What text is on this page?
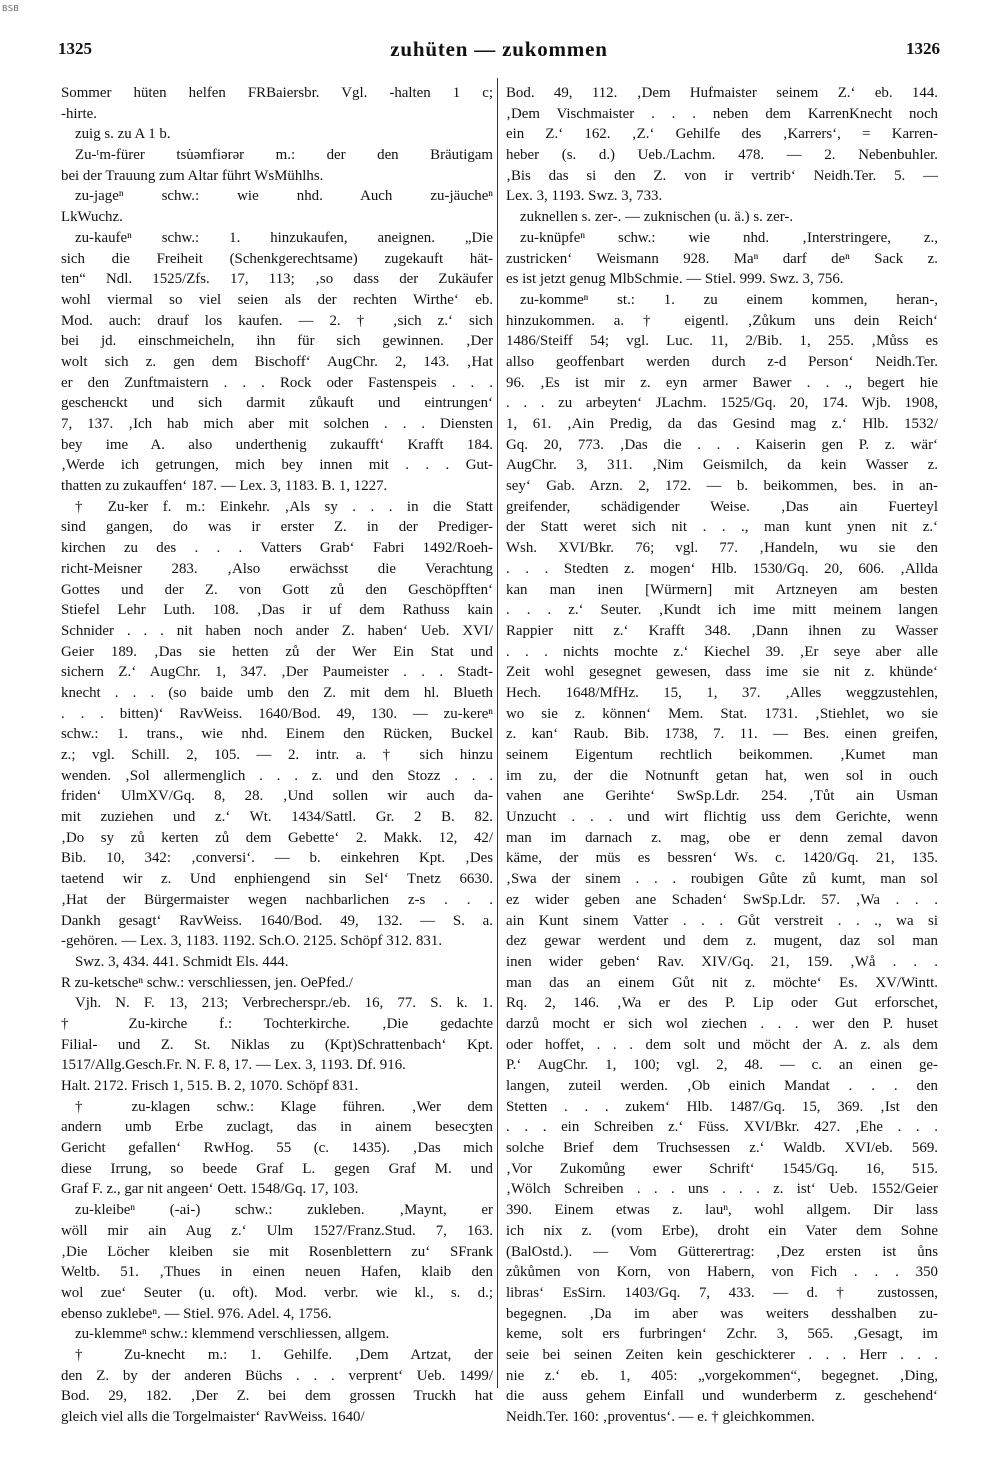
BSB
1325	zuhüten — zukommen	1326
Sommer hüten helfen FRBaiersbr. Vgl. -halten 1 c;
-hirte.
zuig s. zu A 1 b.
Zu-ᵗm-fürer tsu̇əmfiərər m.: der den Bräutigam
bei der Trauung zum Altar führt WsMühlhs.
zu-jageⁿ schw.: wie nhd. Auch zu-jäucheⁿ
LkWuchz.
zu-kaufeⁿ schw.: 1. hinzukaufen, aneignen. „Die
sich die Freiheit (Schenkgerechtsame) zugekauft hät-
ten“ Ndl. 1525/Zfs. 17, 113; ‚so dass der Zukäufer
wohl viermal so viel seien als der rechten Wirthe‘ eb.
Mod. auch: drauf los kaufen. — 2. † ‚sich z.‘ sich
bei jd. einschmeicheln, ihn für sich gewinnen. ‚Der
wolt sich z. gen dem Bischoff‘ AugChr. 2, 143. ‚Hat
er den Zunftmaistern . . . Rock oder Fastenspeis . . .
gescheнckt und sich darmit zůkauft und eintrungen‘
7, 137. ‚Ich hab mich aber mit solchen . . . Diensten
bey ime A. also underthenig zukaufft‘ Krafft 184.
‚Werde ich getrungen, mich bey innen mit . . . Gut-
thatten zu zukauffen‘ 187. — Lex. 3, 1183. B. 1, 1227.
† Zu-ker f. m.: Einkehr. ‚Als sy . . . in die Statt
sind gangen, do was ir erster Z. in der Prediger-
kirchen zu des . . . Vatters Grab‘ Fabri 1492/Roeh-
richt-Meisner 283. ‚Also erwächsst die Verachtung
Gottes und der Z. von Gott zů den Geschöpfften‘
Stiefel Lehr Luth. 108. ‚Das ir uf dem Rathuss kain
Schnider . . . nit haben noch ander Z. haben‘ Ueb. XVI/
Geier 189. ‚Das sie hetten zů der Wer Ein Stat und
sichern Z.‘ AugChr. 1, 347. ‚Der Paumeister . . . Stadt-
knecht . . . (so baide umb den Z. mit dem hl. Blueth
. . . bitten)‘ RavWeiss. 1640/Bod. 49, 130. — zu-kereⁿ
schw.: 1. trans., wie nhd. Einem den Rücken, Buckel
z.; vgl. Schill. 2, 105. — 2. intr. a. † sich hinzu
wenden. ‚Sol allermenglich . . . z. und den Stozz . . .
friden‘ UlmXV/Gq. 8, 28. ‚Und sollen wir auch da-
mit zuziehen und z.‘ Wt. 1434/Sattl. Gr. 2 B. 82.
‚Do sy zů kerten zů dem Gebette‘ 2. Makk. 12, 42/
Bib. 10, 342: ‚conversi‘. — b. einkehren Kpt. ‚Des
taetend wir z. Und enphiengend sin Sel‘ Tnetz 6630.
‚Hat der Bürgermaister wegen nachbarlichen z-s . . .
Dankh gesagt‘ RavWeiss. 1640/Bod. 49, 132. — S. a.
-gehören. — Lex. 3, 1183. 1192. Sch.O. 2125. Schöpf 312. 831.
Swz. 3, 434. 441. Schmidt Els. 444.
R zu-ketscheⁿ schw.: verschliessen, jen. OePfed./
Vjh. N. F. 13, 213; Verbrecherspr./eb. 16, 77. S. k. 1.
† Zu-kirche f.: Tochterkirche. ‚Die gedachte
Filial- und Z. St. Niklas zu (Kpt)Schrattenbach‘ Kpt.
1517/Allg.Gesch.Fr. N. F. 8, 17. — Lex. 3, 1193. Df. 916.
Halt. 2172. Frisch 1, 515. B. 2, 1070. Schöpf 831.
† zu-klagen schw.: Klage führen. ‚Wer dem
andern umb Erbe zuclagt, das in ainem besecʒten
Gericht gefallen‘ RwHog. 55 (c. 1435). ‚Das mich
diese Irrung, so beede Graf L. gegen Graf M. und
Graf F. z., gar nit angeen‘ Oett. 1548/Gq. 17, 103.
zu-kleibeⁿ (-ai-) schw.: zukleben. ‚Maynt, er
wöll mir ain Aug z.‘ Ulm 1527/Franz.Stud. 7, 163.
‚Die Löcher kleiben sie mit Rosenblettern zu‘ SFrank
Weltb. 51. ‚Thues in einen neuen Hafen, klaib den
wol zue‘ Seuter (u. oft). Mod. verbr. wie kl., s. d.;
ebenso zuklebeⁿ. — Stiel. 976. Adel. 4, 1756.
zu-klemmeⁿ schw.: klemmend verschliessen, allgem.
† Zu-knecht m.: 1. Gehilfe. ‚Dem Artzat, der
den Z. by der anderen Büchs . . . verprent‘ Ueb. 1499/
Bod. 29, 182. ‚Der Z. bei dem grossen Truckh hat
gleich viel alls die Torgelmaister‘ RavWeiss. 1640/
Bod. 49, 112. ‚Dem Hufmaister seinem Z.‘ eb. 144.
‚Dem Vischmaister . . . neben dem KarrenKnecht noch
ein Z.‘ 162. ‚Z.‘ Gehilfe des ‚Karrers‘, = Karren-
heber (s. d.) Ueb./Lachm. 478. — 2. Nebenbuhler.
‚Bis das si den Z. von ir vertrib‘ Neidh.Ter. 5. —
Lex. 3, 1193. Swz. 3, 733.
zuknellen s. zer-. — zuknischen (u. ä.) s. zer-.
zu-knüpfeⁿ schw.: wie nhd. ‚Interstringere, z.,
zustricken‘ Weismann 928. Maⁿ darf deⁿ Sack z.
es ist jetzt genug MlbSchmie. — Stiel. 999. Swz. 3, 756.
zu-kommeⁿ st.: 1. zu einem kommen, heran-,
hinzukommen. a. † eigentl. ‚Zůkum uns dein Reich‘
1486/Steiff 54; vgl. Luc. 11, 2/Bib. 1, 255. ‚Můss es
allso geoffenbart werden durch z-d Person‘ Neidh.Ter.
96. ‚Es ist mir z. eyn armer Bawer . . ., begert hie
. . . zu arbeyten‘ JLachm. 1525/Gq. 20, 174. Wjb. 1908,
1, 61. ‚Ain Predig, da das Gesind mag z.‘ Hlb. 1532/
Gq. 20, 773. ‚Das die . . . Kaiserin gen P. z. wär‘
AugChr. 3, 311. ‚Nim Geismilch, da kein Wasser z.
sey‘ Gab. Arzn. 2, 172. — b. beikommen, bes. in an-
greifender, schädigender Weise. ‚Das ain Fuerteyl
der Statt weret sich nit . . ., man kunt ynen nit z.‘
Wsh. XVI/Bkr. 76; vgl. 77. ‚Handeln, wu sie den
. . . Stedten z. mogen‘ Hlb. 1530/Gq. 20, 606. ‚Allda
kan man inen [Würmern] mit Artzneyen am besten
. . . z.‘ Seuter. ‚Kundt ich ime mitt meinem langen
Rappier nitt z.‘ Krafft 348. ‚Dann ihnen zu Wasser
. . . nichts mochte z.‘ Kiechel 39. ‚Er seye aber alle
Zeit wohl gesegnet gewesen, dass ime sie nit z. khünde‘
Hech. 1648/MfHz. 15, 1, 37. ‚Alles weggzustehlen,
wo sie z. können‘ Mem. Stat. 1731. ‚Stiehlet, wo sie
z. kan‘ Raub. Bib. 1738, 7. 11. — Bes. einen greifen,
seinem Eigentum rechtlich beikommen. ‚Kumet man
im zu, der die Notnunft getan hat, wen sol in ouch
vahen ane Gerihte‘ SwSp.Ldr. 254. ‚Tůt ain Usman
Unzucht . . . und wirt flichtig uss dem Gerichte, wenn
man im darnach z. mag, obe er denn zemal davon
käme, der müs es bessren‘ Ws. c. 1420/Gq. 21, 135.
‚Swa der sinem . . . roubigen Gůte zů kumt, man sol
ez wider geben ane Schaden‘ SwSp.Ldr. 57. ‚Wa . . .
ain Kunt sinem Vatter . . . Gůt verstreit . . ., wa si
dez gewar werdent und dem z. mugent, daz sol man
inen wider geben‘ Rav. XIV/Gq. 21, 159. ‚Wå . . .
man das an einem Gůt nit z. möchte‘ Es. XV/Wintt.
Rq. 2, 146. ‚Wa er des P. Lip oder Gut erforschet,
darzů mocht er sich wol ziechen . . . wer den P. huset
oder hoffet, . . . dem solt und möcht der A. z. als dem
P.‘ AugChr. 1, 100; vgl. 2, 48. — c. an einen ge-
langen, zuteil werden. ‚Ob einich Mandat . . . den
Stetten . . . zukem‘ Hlb. 1487/Gq. 15, 369. ‚Ist den
. . . ein Schreiben z.‘ Füss. XVI/Bkr. 427. ‚Ehe . . .
solche Brief dem Truchsessen z.‘ Waldb. XVI/eb. 569.
‚Vor Zukomůng ewer Schrift‘ 1545/Gq. 16, 515.
‚Wölch Schreiben . . . uns . . . z. ist‘ Ueb. 1552/Geier
390. Einem etwas z. lauⁿ, wohl allgem. Dir lass
ich nix z. (vom Erbe), droht ein Vater dem Sohne
(BalOstd.). — Vom Gütterertrag: ‚Dez ersten ist ůns
zůkůmen von Korn, von Habern, von Fich . . . 350
libras‘ EsSirn. 1403/Gq. 7, 433. — d. † zustossen,
begegnen. ‚Da im aber was weiters desshalben zu-
keme, solt ers furbringen‘ Zchr. 3, 565. ‚Gesagt, im
seie bei seinen Zeiten kein geschickterer . . . Herr . . .
nie z.‘ eb. 1, 405: „vorgekommen“, begegnet. ‚Ding,
die auss gehem Einfall und wunderberm z. geschehend‘
Neidh.Ter. 160: ‚proventus‘. — e. † gleichkommen.
